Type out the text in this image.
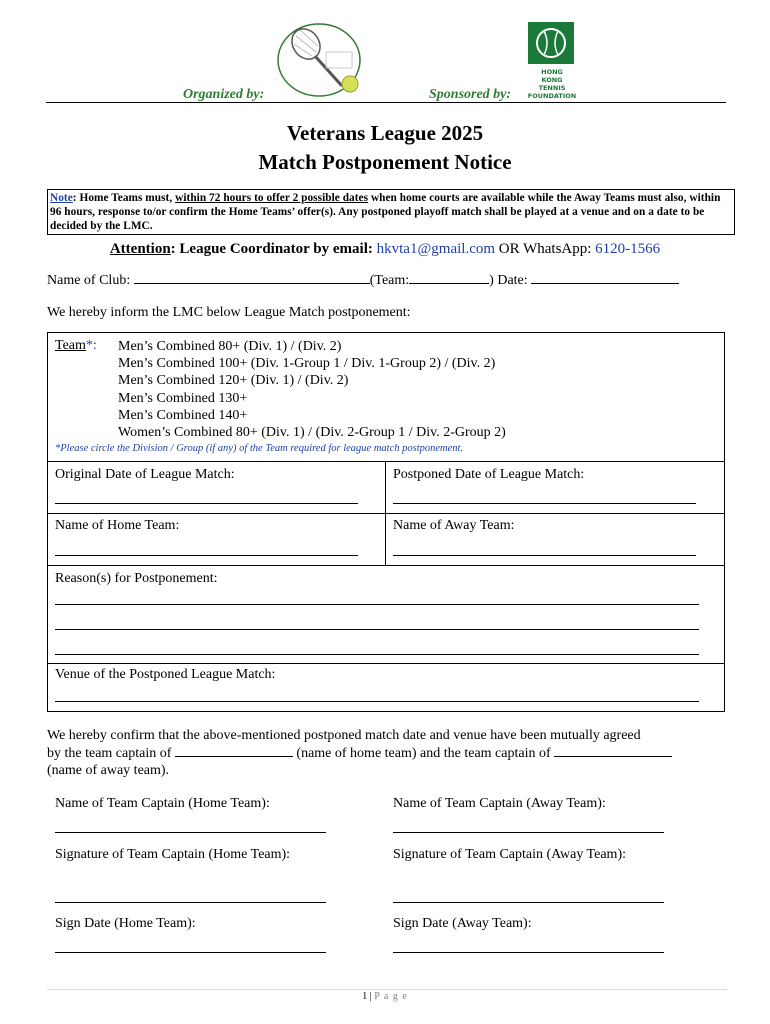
Organized by:	Sponsored by:
HONG
KONG
TENNIS
FOUNDATION
Veterans League 2025
Match Postponement Notice
Note: Home Teams must, within 72 hours to offer 2 possible dates when home courts are available while the Away Teams must also, within 96 hours, response to/or confirm the Home Teams’ offer(s). Any postponed playoff match shall be played at a venue and on a date to be decided by the LMC.
Attention: League Coordinator by email: hkvta1@gmail.com OR WhatsApp: 6120-1566
Name of Club:	(Team:	) Date:
We hereby inform the LMC below League Match postponement:
Team*: Men’s Combined 80+ (Div. 1) / (Div. 2)
Men’s Combined 100+ (Div. 1-Group 1 / Div. 1-Group 2) / (Div. 2)
Men’s Combined 120+ (Div. 1) / (Div. 2)
Men’s Combined 130+
Men’s Combined 140+
Women’s Combined 80+ (Div. 1) / (Div. 2-Group 1 / Div. 2-Group 2)
*Please circle the Division / Group (if any) of the Team required for league match postponement.
Original Date of League Match:	Postponed Date of League Match:
Name of Home Team:	Name of Away Team:
Reason(s) for Postponement:
Venue of the Postponed League Match:
We hereby confirm that the above-mentioned postponed match date and venue have been mutually agreed
by the team captain of	(name of home team) and the team captain of
(name of away team).
Name of Team Captain (Home Team):	Name of Team Captain (Away Team):
Signature of Team Captain (Home Team):	Signature of Team Captain (Away Team):
Sign Date (Home Team):	Sign Date (Away Team):
1 | P a g e
